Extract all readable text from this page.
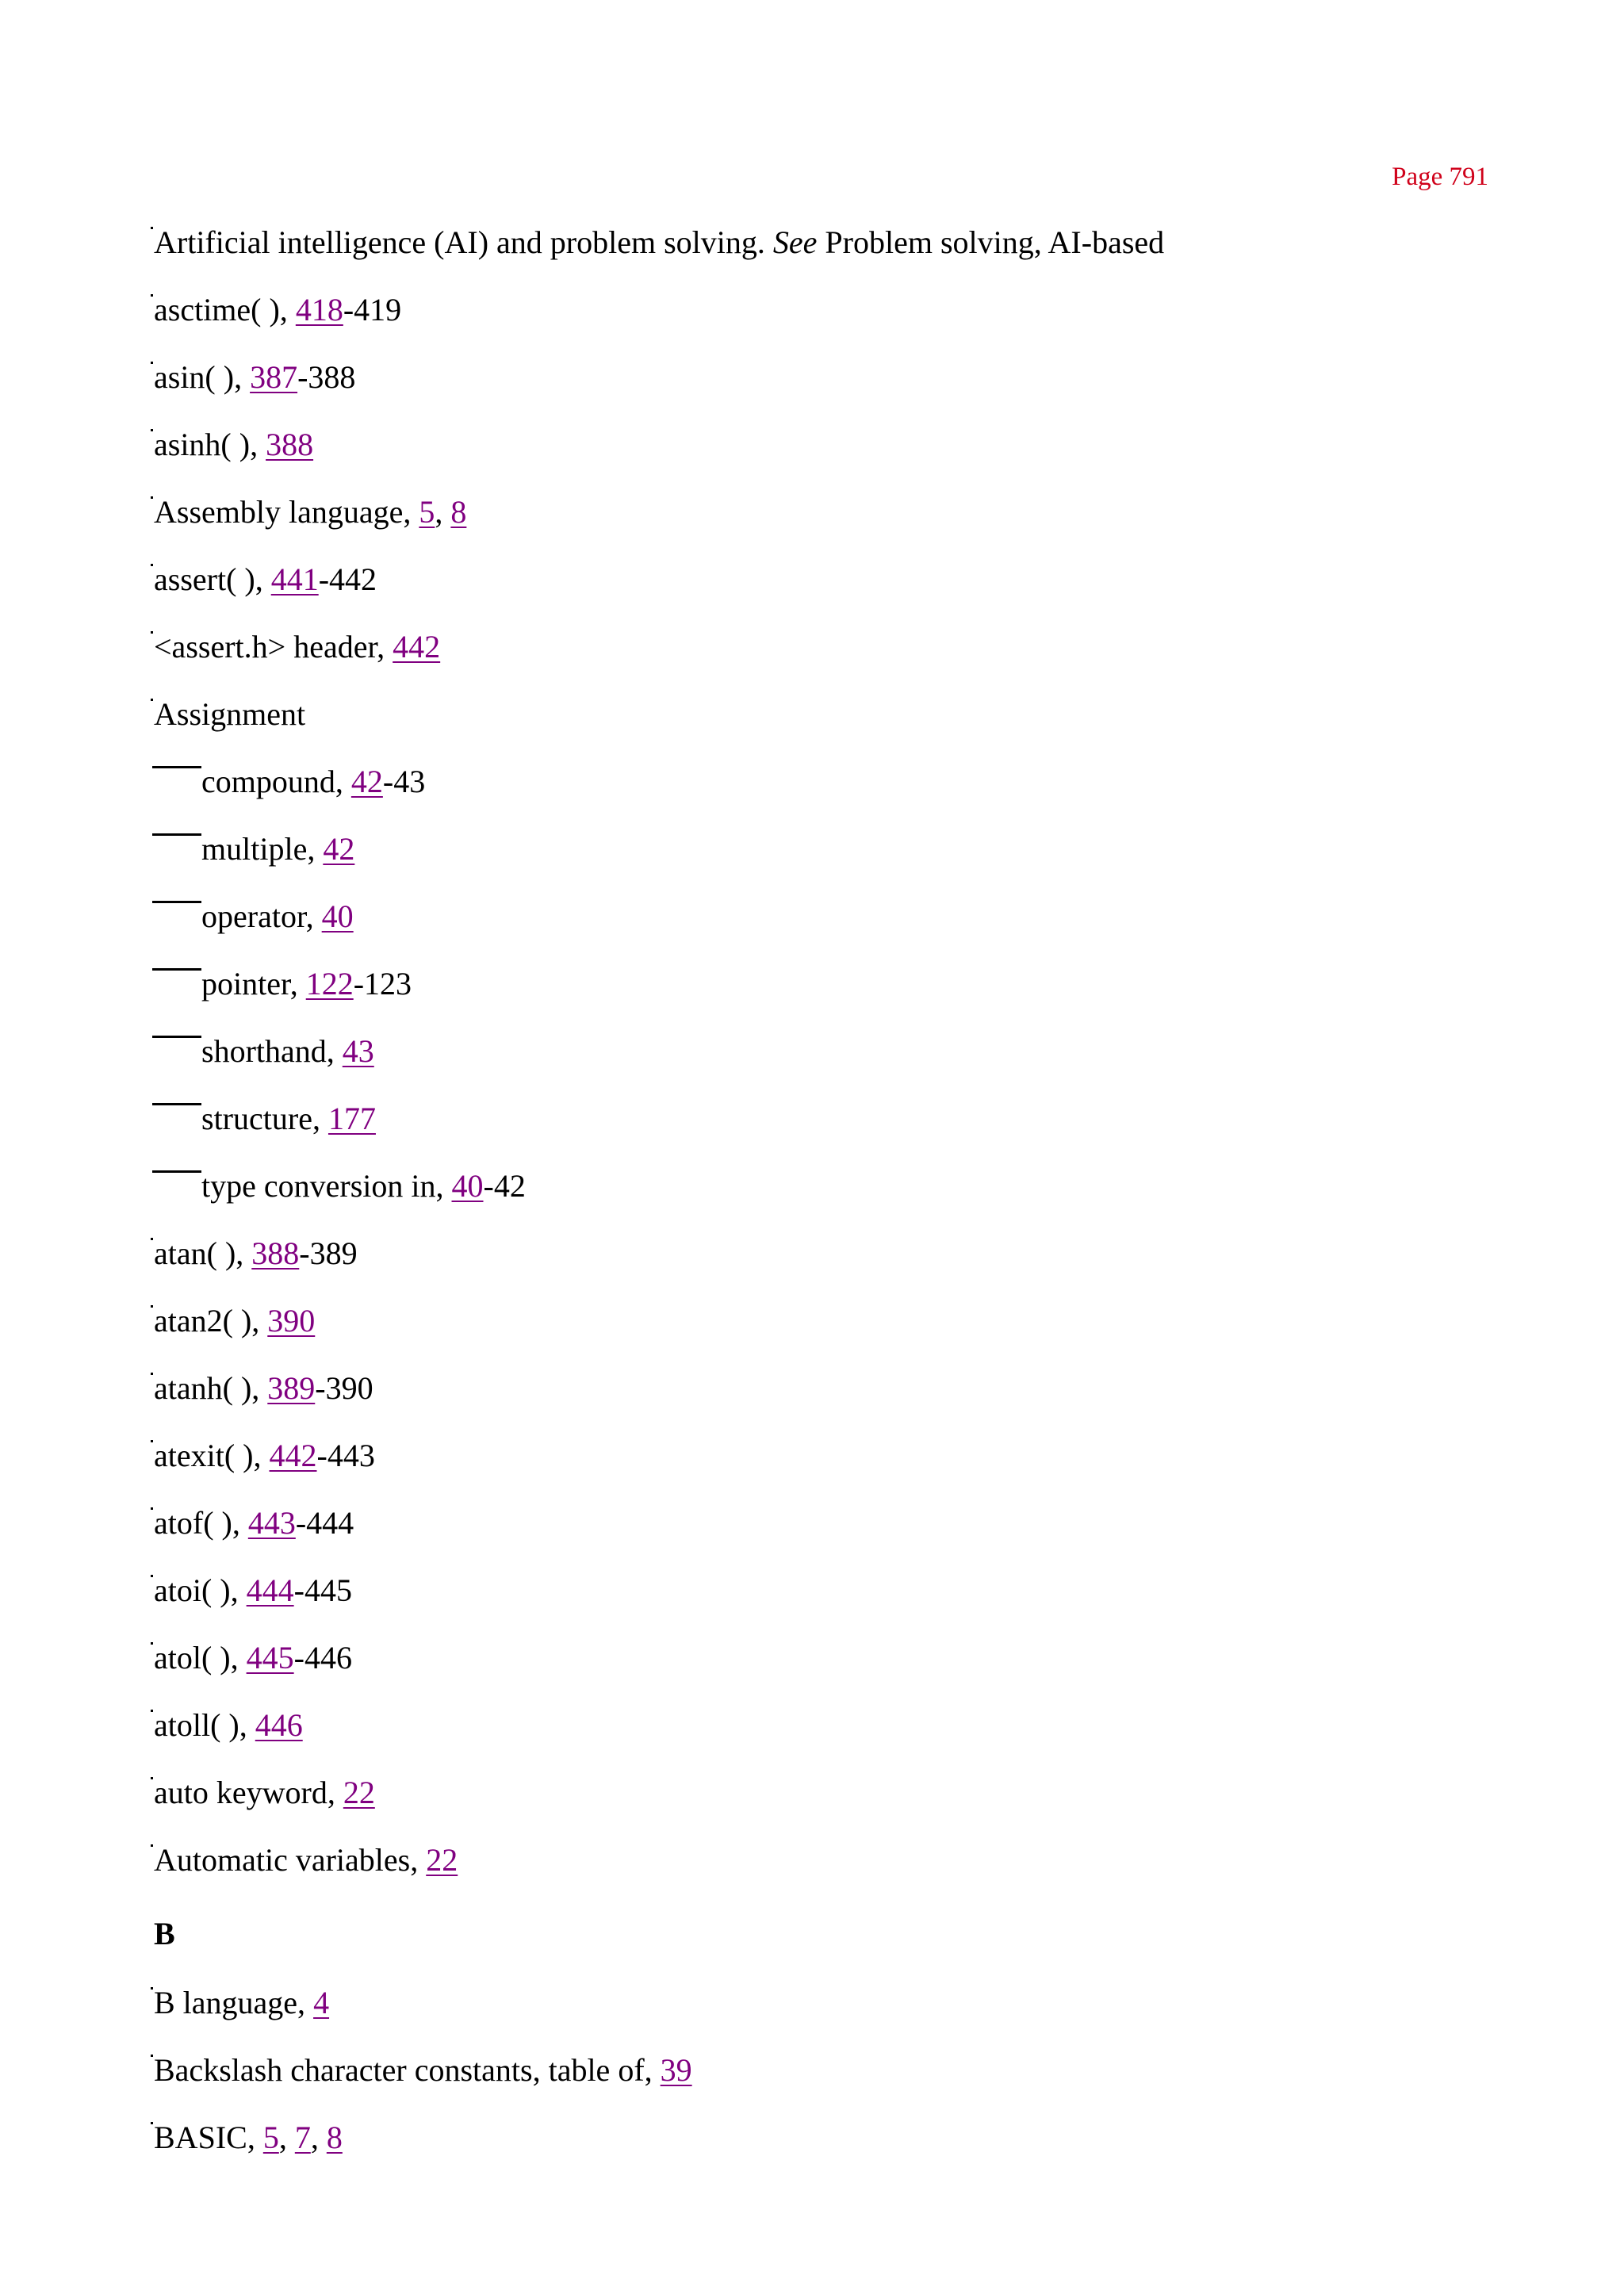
Page 791
Artificial intelligence (AI) and problem solving. See Problem solving, AI-based
asctime( ), 418-419
asin( ), 387-388
asinh( ), 388
Assembly language, 5, 8
assert( ), 441-442
<assert.h> header, 442
Assignment
compound, 42-43
multiple, 42
operator, 40
pointer, 122-123
shorthand, 43
structure, 177
type conversion in, 40-42
atan( ), 388-389
atan2( ), 390
atanh( ), 389-390
atexit( ), 442-443
atof( ), 443-444
atoi( ), 444-445
atol( ), 445-446
atoll( ), 446
auto keyword, 22
Automatic variables, 22
B
B language, 4
Backslash character constants, table of, 39
BASIC, 5, 7, 8
